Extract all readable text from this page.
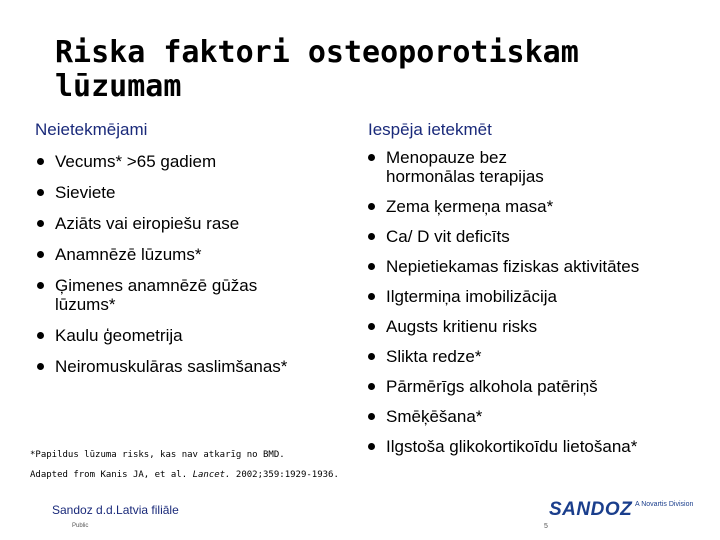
Riska faktori osteoporotiskam
lūzumam
Neietekmējami	Iespēja ietekmēt
Vecums* >65 gadiem
Sieviete
Aziāts vai eiropiešu rase
Anamnēzē lūzums*
Ģimenes anamnēzē gūžas lūzums*
Kaulu ģeometrija
Neiromuskulāras saslimšanas*
Menopauze bez hormonālas terapijas
Zema ķermeņa masa*
Ca/ D vit deficīts
Nepietiekamas fiziskas aktivitātes
Ilgtermiņa imobilizācija
Augsts kritienu risks
Slikta redze*
Pārmērīgs alkohola patēriņš
Smēķēšana*
Ilgstoša glikokortikoīdu lietošana*
*Papildus lūzuma risks, kas nav atkarīg no BMD.
Adapted from Kanis JA, et al. Lancet. 2002;359:1929-1936.
Sandoz d.d.Latvia filiāle
Public
SANDOZ A Novartis Division
5
